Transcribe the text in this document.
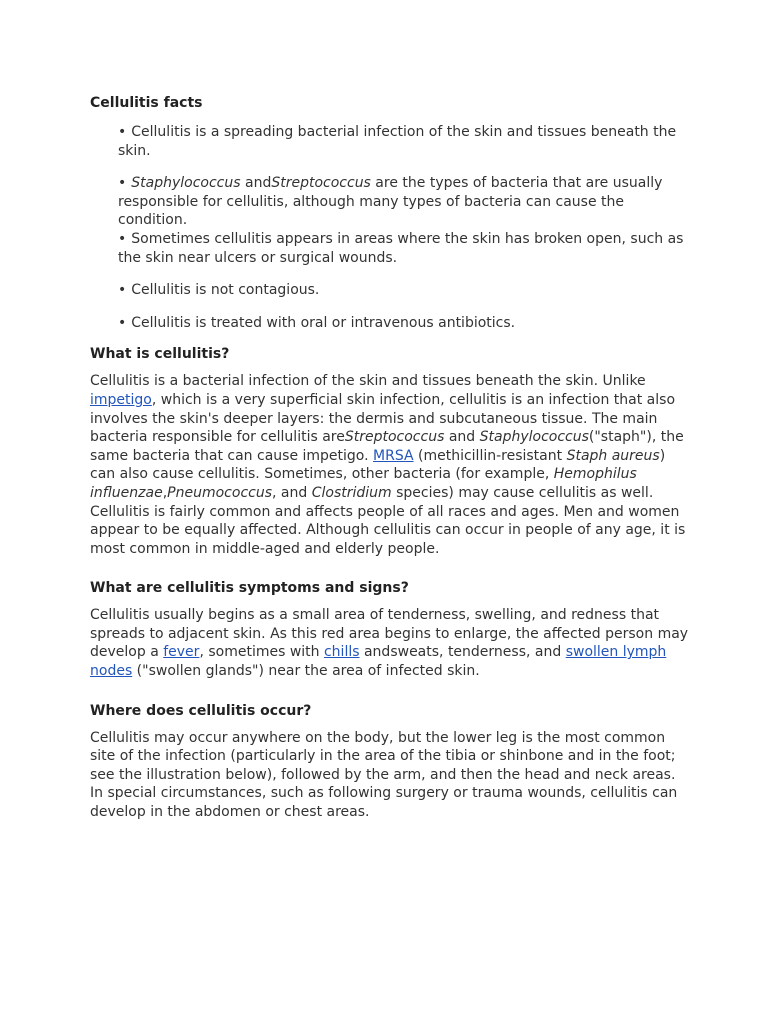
Cellulitis facts
• Cellulitis is a spreading bacterial infection of the skin and tissues beneath the skin.
• Staphylococcus andStreptococcus are the types of bacteria that are usually responsible for cellulitis, although many types of bacteria can cause the condition.
• Sometimes cellulitis appears in areas where the skin has broken open, such as the skin near ulcers or surgical wounds.
• Cellulitis is not contagious.
• Cellulitis is treated with oral or intravenous antibiotics.
What is cellulitis?

Cellulitis is a bacterial infection of the skin and tissues beneath the skin. Unlike impetigo, which is a very superficial skin infection, cellulitis is an infection that also involves the skin's deeper layers: the dermis and subcutaneous tissue. The main bacteria responsible for cellulitis areStreptococcus and Staphylococcus("staph"), the same bacteria that can cause impetigo. MRSA (methicillin-resistant Staph aureus) can also cause cellulitis. Sometimes, other bacteria (for example, Hemophilus influenzae,Pneumococcus, and Clostridium species) may cause cellulitis as well.

Cellulitis is fairly common and affects people of all races and ages. Men and women appear to be equally affected. Although cellulitis can occur in people of any age, it is most common in middle-aged and elderly people.

What are cellulitis symptoms and signs?

Cellulitis usually begins as a small area of tenderness, swelling, and redness that spreads to adjacent skin. As this red area begins to enlarge, the affected person may develop a fever, sometimes with chills andsweats, tenderness, and swollen lymph nodes ("swollen glands") near the area of infected skin.

Where does cellulitis occur?

Cellulitis may occur anywhere on the body, but the lower leg is the most common site of the infection (particularly in the area of the tibia or shinbone and in the foot; see the illustration below), followed by the arm, and then the head and neck areas. In special circumstances, such as following surgery or trauma wounds, cellulitis can develop in the abdomen or chest areas.
